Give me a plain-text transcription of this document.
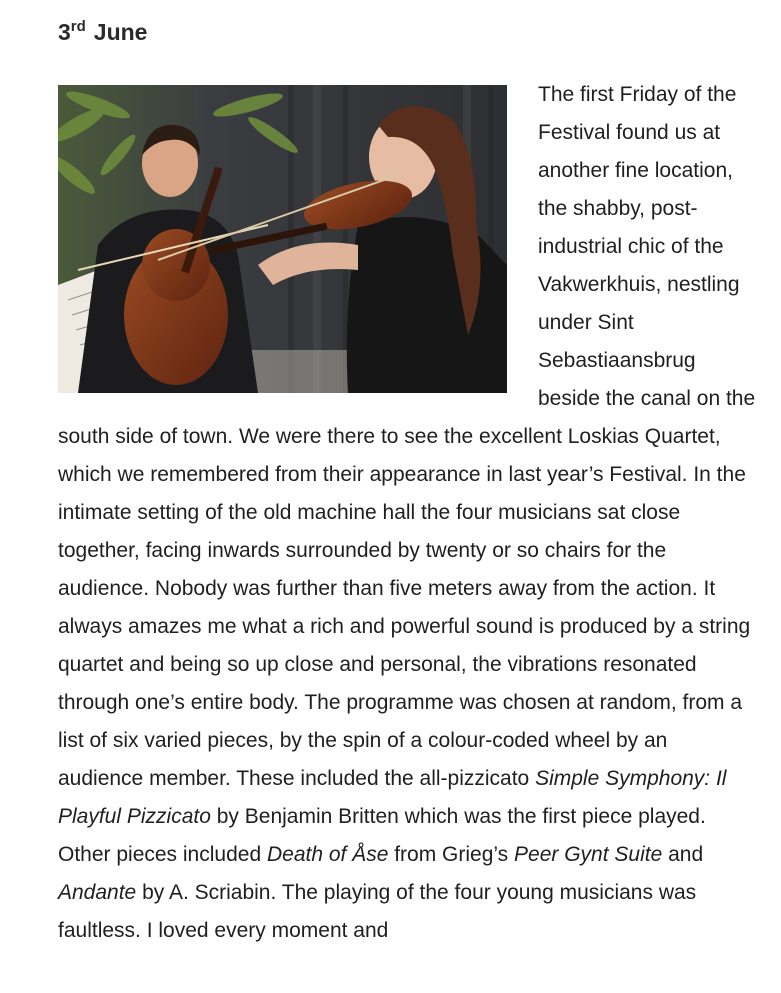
3rd June

The first Friday of the Festival found us at another fine location, the shabby, post-industrial chic of the Vakwerkhuis, nestling under Sint Sebastiaansbrug beside the canal on the south side of town. We were there to see the excellent Loskias Quartet, which we remembered from their appearance in last year’s Festival. In the intimate setting of the old machine hall the four musicians sat close together, facing inwards surrounded by twenty or so chairs for the audience. Nobody was further than five meters away from the action. It always amazes me what a rich and powerful sound is produced by a string quartet and being so up close and personal, the vibrations resonated through one’s entire body. The programme was chosen at random, from a list of six varied pieces, by the spin of a colour-coded wheel by an audience member. These included the all-pizzicato Simple Symphony: Il Playful Pizzicato by Benjamin Britten which was the first piece played. Other pieces included Death of Åse from Grieg’s Peer Gynt Suite and Andante by A. Scriabin. The playing of the four young musicians was faultless. I loved every moment and
